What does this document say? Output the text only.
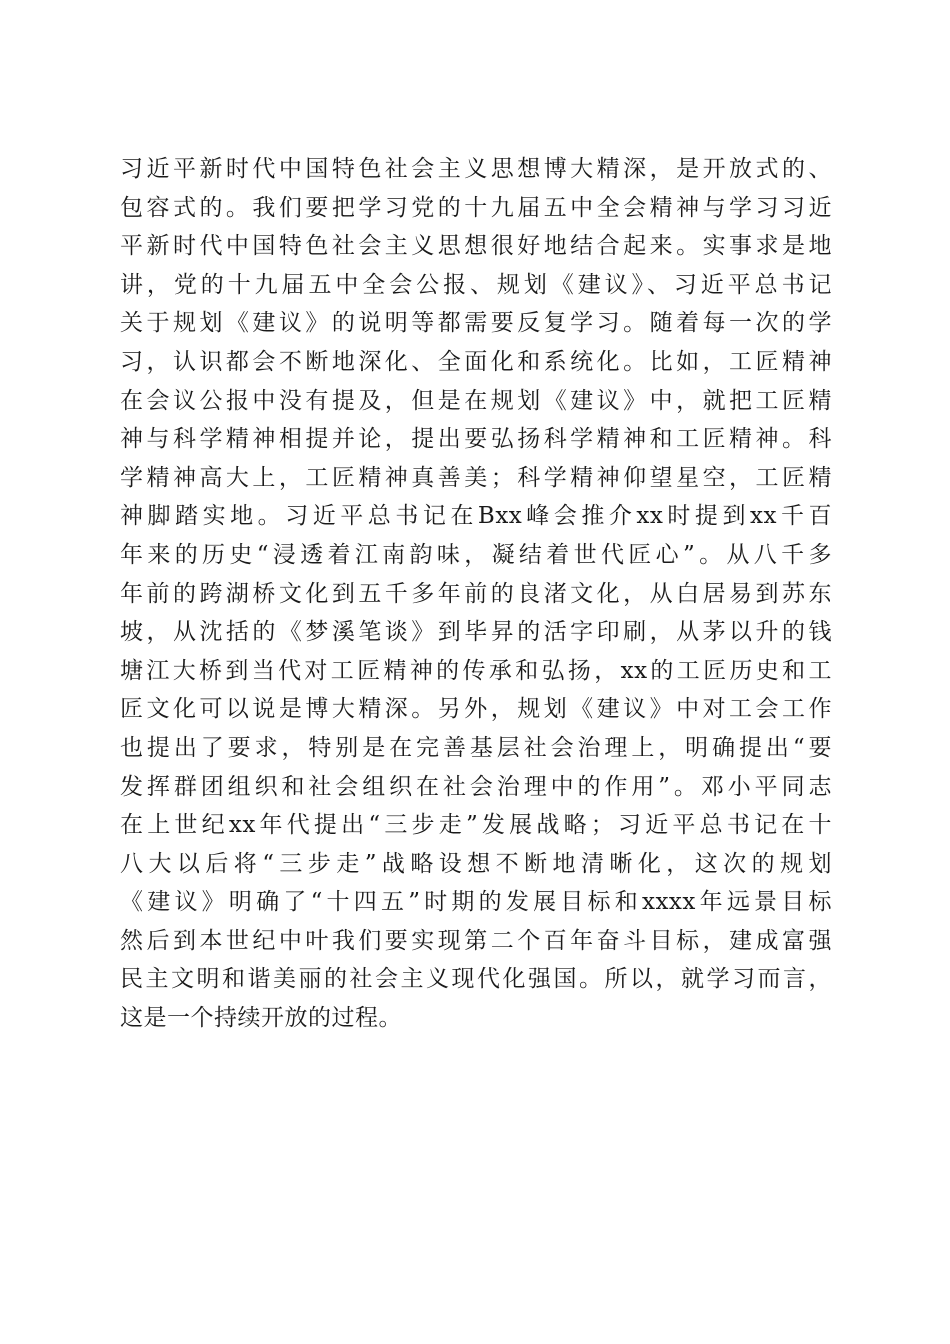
习近平新时代中国特色社会主义思想博大精深，是开放式的、
包容式的。我们要把学习党的十九届五中全会精神与学习习近
平新时代中国特色社会主义思想很好地结合起来。实事求是地
讲，党的十九届五中全会公报、规划《建议》、习近平总书记
关于规划《建议》的说明等都需要反复学习。随着每一次的学
习，认识都会不断地深化、全面化和系统化。比如，工匠精神
在会议公报中没有提及，但是在规划《建议》中，就把工匠精
神与科学精神相提并论，提出要弘扬科学精神和工匠精神。科
学精神高大上，工匠精神真善美；科学精神仰望星空，工匠精
神脚踏实地。习近平总书记在Bxx峰会推介xx时提到xx千百
年来的历史“浸透着江南韵味，凝结着世代匠心”。从八千多
年前的跨湖桥文化到五千多年前的良渚文化，从白居易到苏东
坡，从沈括的《梦溪笔谈》到毕昇的活字印刷，从茅以升的钱
塘江大桥到当代对工匠精神的传承和弘扬，xx的工匠历史和工
匠文化可以说是博大精深。另外，规划《建议》中对工会工作
也提出了要求，特别是在完善基层社会治理上，明确提出“要
发挥群团组织和社会组织在社会治理中的作用”。邓小平同志
在上世纪xx年代提出“三步走”发展战略；习近平总书记在十
八大以后将“三步走”战略设想不断地清晰化，这次的规划
《建议》明确了“十四五”时期的发展目标和xxxx年远景目标
然后到本世纪中叶我们要实现第二个百年奋斗目标，建成富强
民主文明和谐美丽的社会主义现代化强国。所以，就学习而言，
这是一个持续开放的过程。
